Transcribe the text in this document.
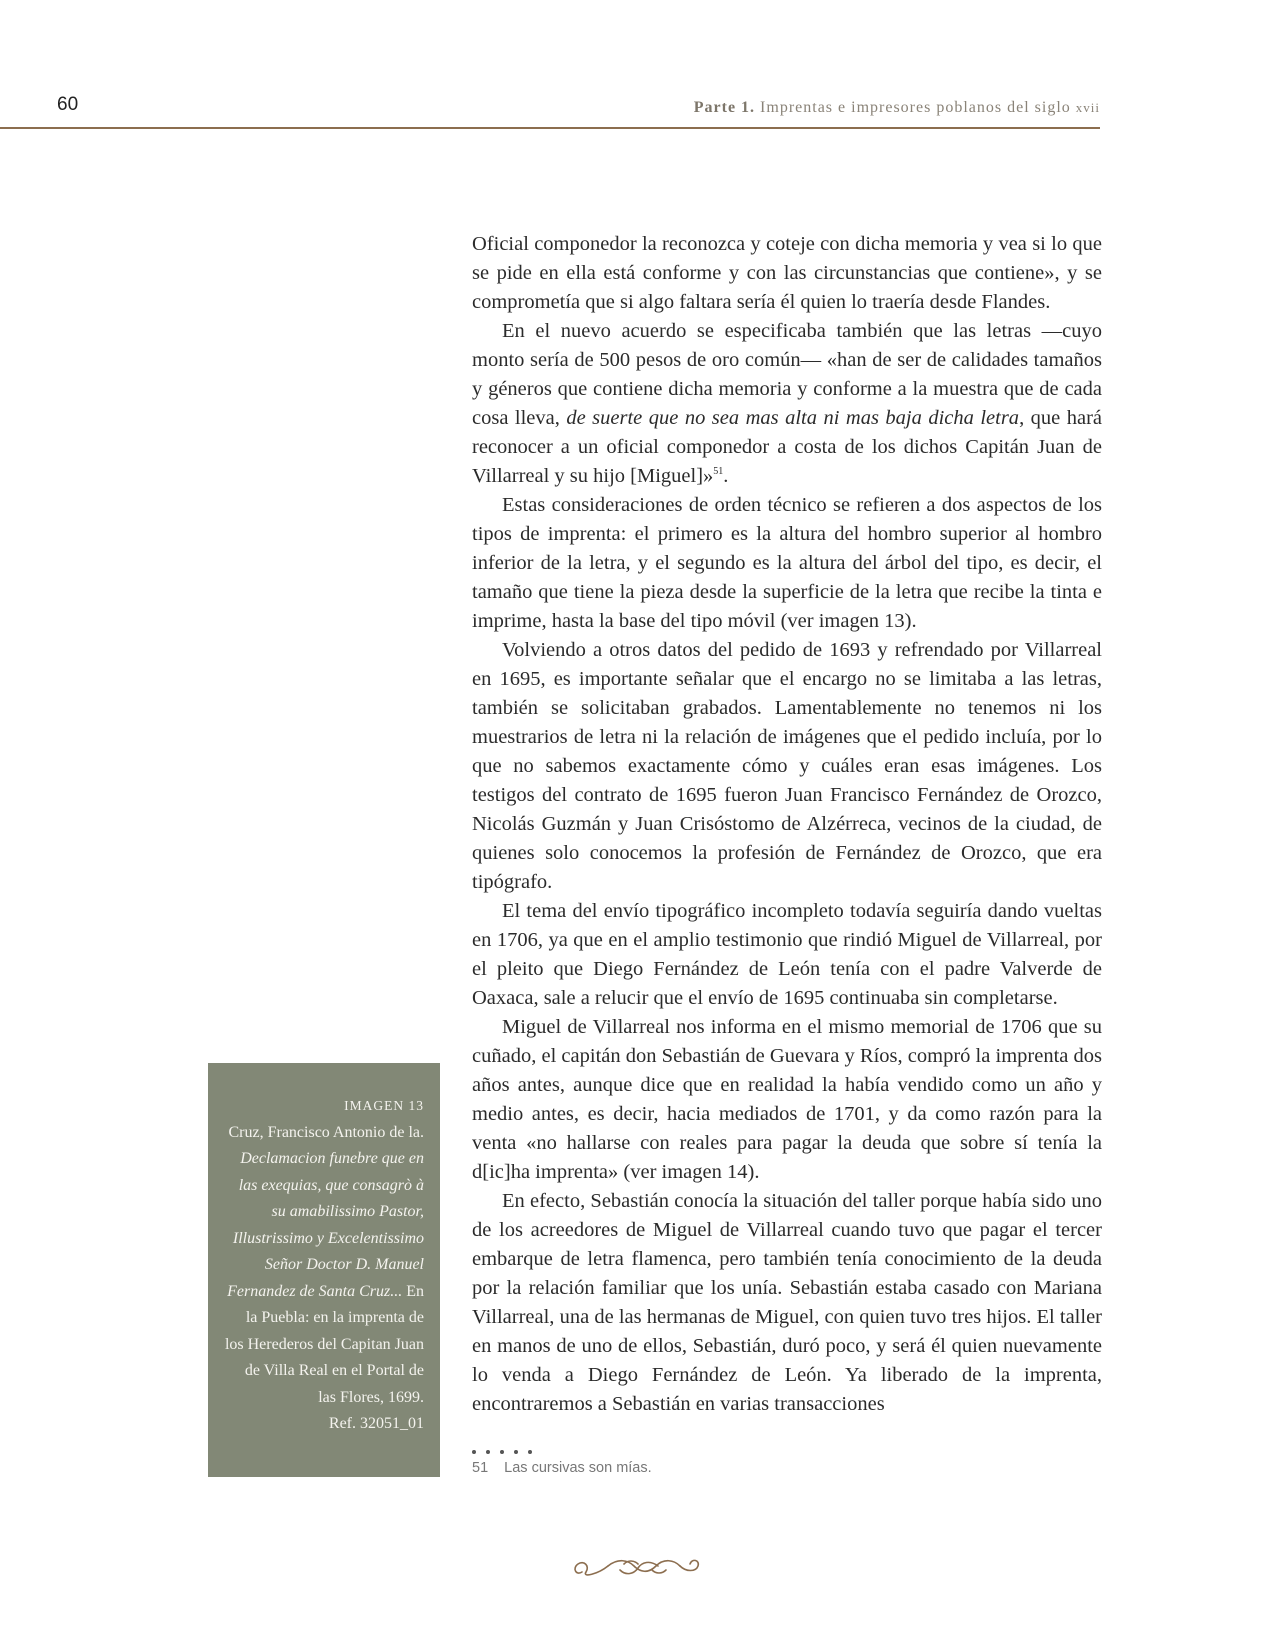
60	Parte 1. Imprentas e impresores poblanos del siglo xvii

Oficial componedor la reconozca y coteje con dicha memoria y vea si lo que se pide en ella está conforme y con las circunstancias que contiene», y se comprometía que si algo faltara sería él quien lo traería desde Flandes.

En el nuevo acuerdo se especificaba también que las letras —cuyo monto sería de 500 pesos de oro común— «han de ser de calidades tamaños y géneros que contiene dicha memoria y conforme a la muestra que de cada cosa lleva, de suerte que no sea mas alta ni mas baja dicha letra, que hará reconocer a un oficial componedor a costa de los dichos Capitán Juan de Villarreal y su hijo [Miguel]»$^{51}$.

Estas consideraciones de orden técnico se refieren a dos aspectos de los tipos de imprenta: el primero es la altura del hombro superior al hombro inferior de la letra, y el segundo es la altura del árbol del tipo, es decir, el tamaño que tiene la pieza desde la superficie de la letra que recibe la tinta e imprime, hasta la base del tipo móvil (ver imagen 13).

Volviendo a otros datos del pedido de 1693 y refrendado por Villarreal en 1695, es importante señalar que el encargo no se limitaba a las letras, también se solicitaban grabados. Lamentablemente no tenemos ni los muestrarios de letra ni la relación de imágenes que el pedido incluía, por lo que no sabemos exactamente cómo y cuáles eran esas imágenes. Los testigos del contrato de 1695 fueron Juan Francisco Fernández de Orozco, Nicolás Guzmán y Juan Crisóstomo de Alzérreca, vecinos de la ciudad, de quienes solo conocemos la profesión de Fernández de Orozco, que era tipógrafo.

El tema del envío tipográfico incompleto todavía seguiría dando vueltas en 1706, ya que en el amplio testimonio que rindió Miguel de Villarreal, por el pleito que Diego Fernández de León tenía con el padre Valverde de Oaxaca, sale a relucir que el envío de 1695 continuaba sin completarse.

Miguel de Villarreal nos informa en el mismo memorial de 1706 que su cuñado, el capitán don Sebastián de Guevara y Ríos, compró la imprenta dos años antes, aunque dice que en realidad la había vendido como un año y medio antes, es decir, hacia mediados de 1701, y da como razón para la venta «no hallarse con reales para pagar la deuda que sobre sí tenía la d[ic]ha imprenta» (ver imagen 14).

En efecto, Sebastián conocía la situación del taller porque había sido uno de los acreedores de Miguel de Villarreal cuando tuvo que pagar el tercer embarque de letra flamenca, pero también tenía conocimiento de la deuda por la relación familiar que los unía. Sebastián estaba casado con Mariana Villarreal, una de las hermanas de Miguel, con quien tuvo tres hijos. El taller en manos de uno de ellos, Sebastián, duró poco, y será él quien nuevamente lo venda a Diego Fernández de León. Ya liberado de la imprenta, encontraremos a Sebastián en varias transacciones

IMAGEN 13
Cruz, Francisco Antonio de la. Declamacion funebre que en las exequias, que consagrò à su amabilissimo Pastor, Illustrissimo y Excelentissimo Señor Doctor D. Manuel Fernandez de Santa Cruz... En la Puebla: en la imprenta de los Herederos del Capitan Juan de Villa Real en el Portal de las Flores, 1699.
Ref. 32051_01
51 Las cursivas son mías.
